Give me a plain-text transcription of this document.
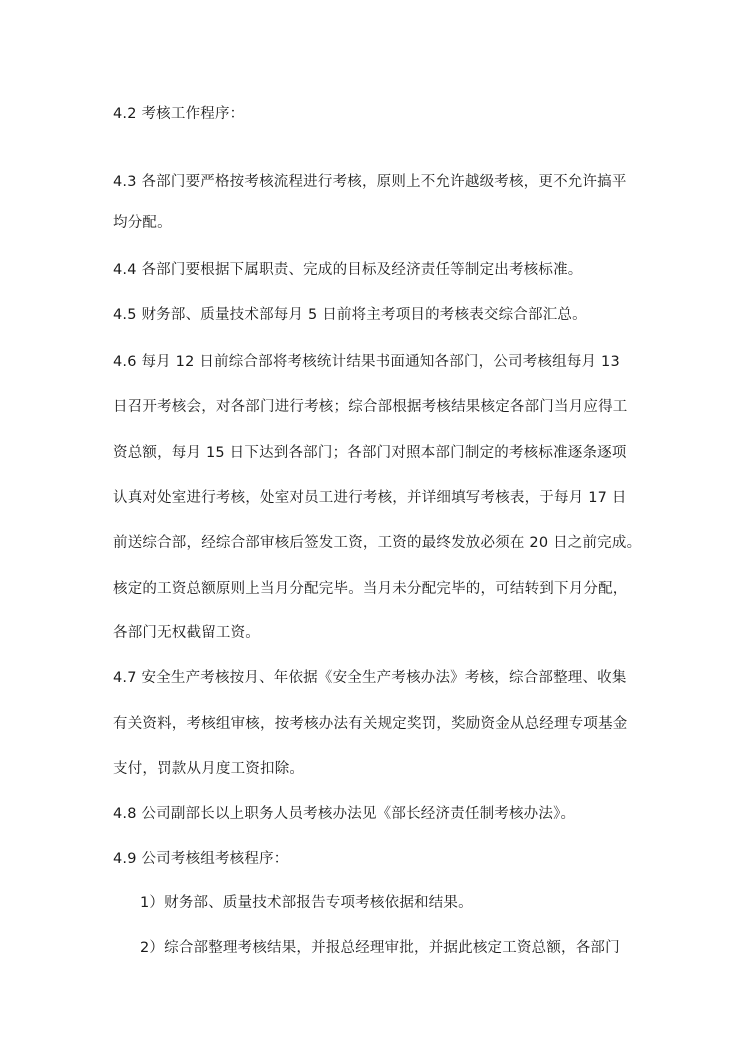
4.2 考核工作程序：
4.3 各部门要严格按考核流程进行考核，原则上不允许越级考核，更不允许搞平
均分配。
4.4 各部门要根据下属职责、完成的目标及经济责任等制定出考核标准。
4.5 财务部、质量技术部每月 5 日前将主考项目的考核表交综合部汇总。
4.6 每月 12 日前综合部将考核统计结果书面通知各部门，公司考核组每月 13
日召开考核会，对各部门进行考核；综合部根据考核结果核定各部门当月应得工
资总额，每月 15 日下达到各部门；各部门对照本部门制定的考核标准逐条逐项
认真对处室进行考核，处室对员工进行考核，并详细填写考核表，于每月 17 日
前送综合部，经综合部审核后签发工资，工资的最终发放必须在 20 日之前完成。
核定的工资总额原则上当月分配完毕。当月未分配完毕的，可结转到下月分配，
各部门无权截留工资。
4.7 安全生产考核按月、年依据《安全生产考核办法》考核，综合部整理、收集
有关资料，考核组审核，按考核办法有关规定奖罚，奖励资金从总经理专项基金
支付，罚款从月度工资扣除。
4.8 公司副部长以上职务人员考核办法见《部长经济责任制考核办法》。
4.9 公司考核组考核程序：
1）财务部、质量技术部报告专项考核依据和结果。
2）综合部整理考核结果，并报总经理审批，并据此核定工资总额，各部门
